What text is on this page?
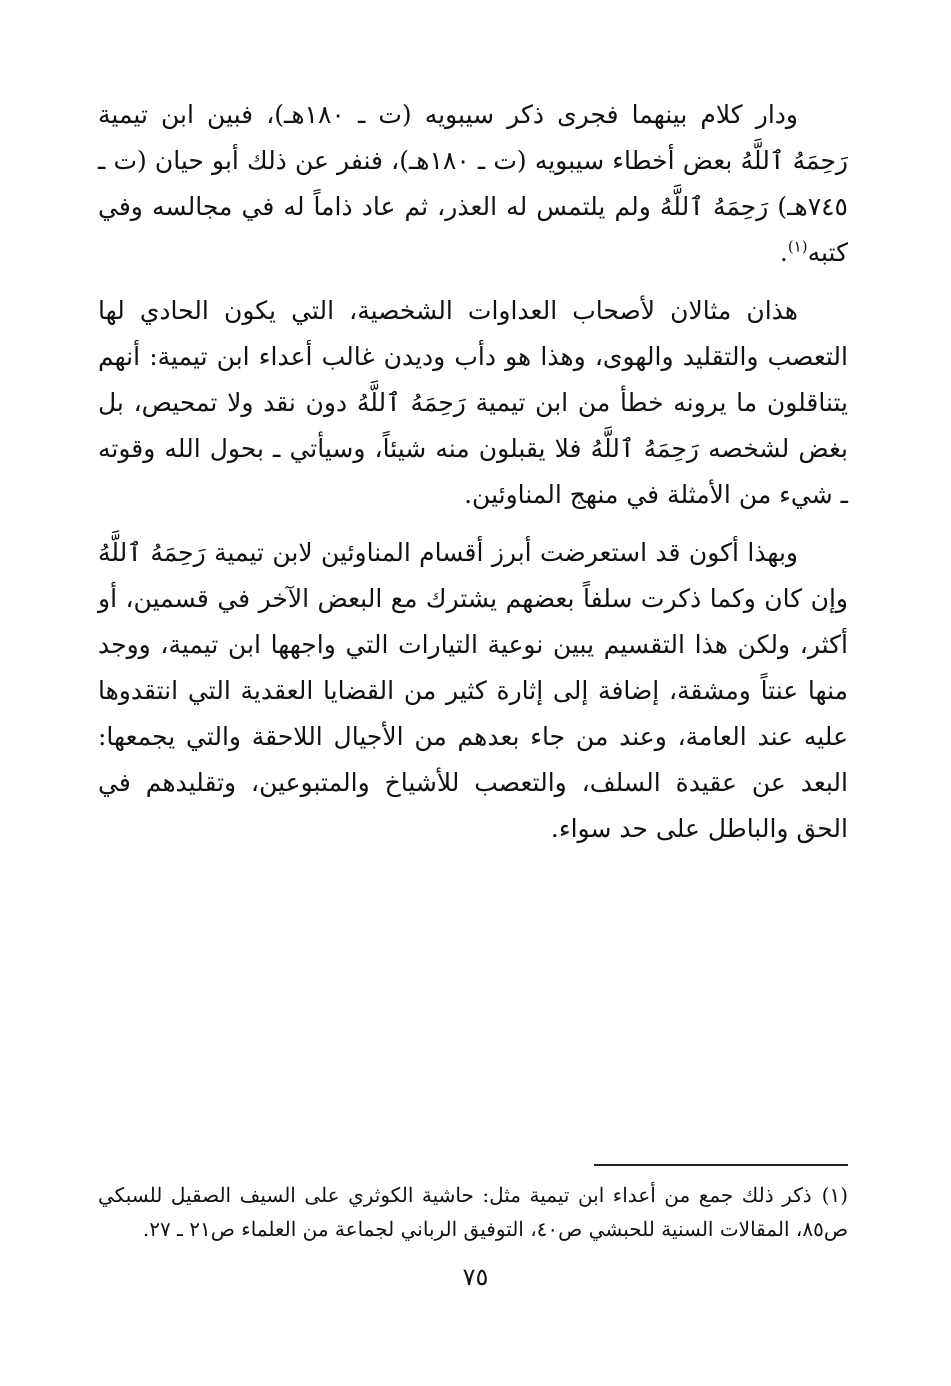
ودار كلام بينهما فجرى ذكر سيبويه (ت ـ ١٨٠هـ)، فبين ابن تيمية رَحِمَهُ ٱللَّهُ بعض أخطاء سيبويه (ت ـ ١٨٠هـ)، فنفر عن ذلك أبو حيان (ت ـ ٧٤٥هـ) رَحِمَهُ ٱللَّهُ ولم يلتمس له العذر، ثم عاد ذاماً له في مجالسه وفي كتبه$^{(١)}$.

هذان مثالان لأصحاب العداوات الشخصية، التي يكون الحادي لها التعصب والتقليد والهوى، وهذا هو دأب وديدن غالب أعداء ابن تيمية: أنهم يتناقلون ما يرونه خطأ من ابن تيمية رَحِمَهُ ٱللَّهُ دون نقد ولا تمحيص، بل بغض لشخصه رَحِمَهُ ٱللَّهُ فلا يقبلون منه شيئاً، وسيأتي ـ بحول الله وقوته ـ شيء من الأمثلة في منهج المناوئين.

وبهذا أكون قد استعرضت أبرز أقسام المناوئين لابن تيمية رَحِمَهُ ٱللَّهُ وإن كان وكما ذكرت سلفاً بعضهم يشترك مع البعض الآخر في قسمين، أو أكثر، ولكن هذا التقسيم يبين نوعية التيارات التي واجهها ابن تيمية، ووجد منها عنتاً ومشقة، إضافة إلى إثارة كثير من القضايا العقدية التي انتقدوها عليه عند العامة، وعند من جاء بعدهم من الأجيال اللاحقة والتي يجمعها: البعد عن عقيدة السلف، والتعصب للأشياخ والمتبوعين، وتقليدهم في الحق والباطل على حد سواء.

(١)ذكر ذلك جمع من أعداء ابن تيمية مثل: حاشية الكوثري على السيف الصقيل للسبكي ص٨٥، المقالات السنية للحبشي ص٤٠، التوفيق الرباني لجماعة من العلماء ص٢١ ـ ٢٧.
٧٥
